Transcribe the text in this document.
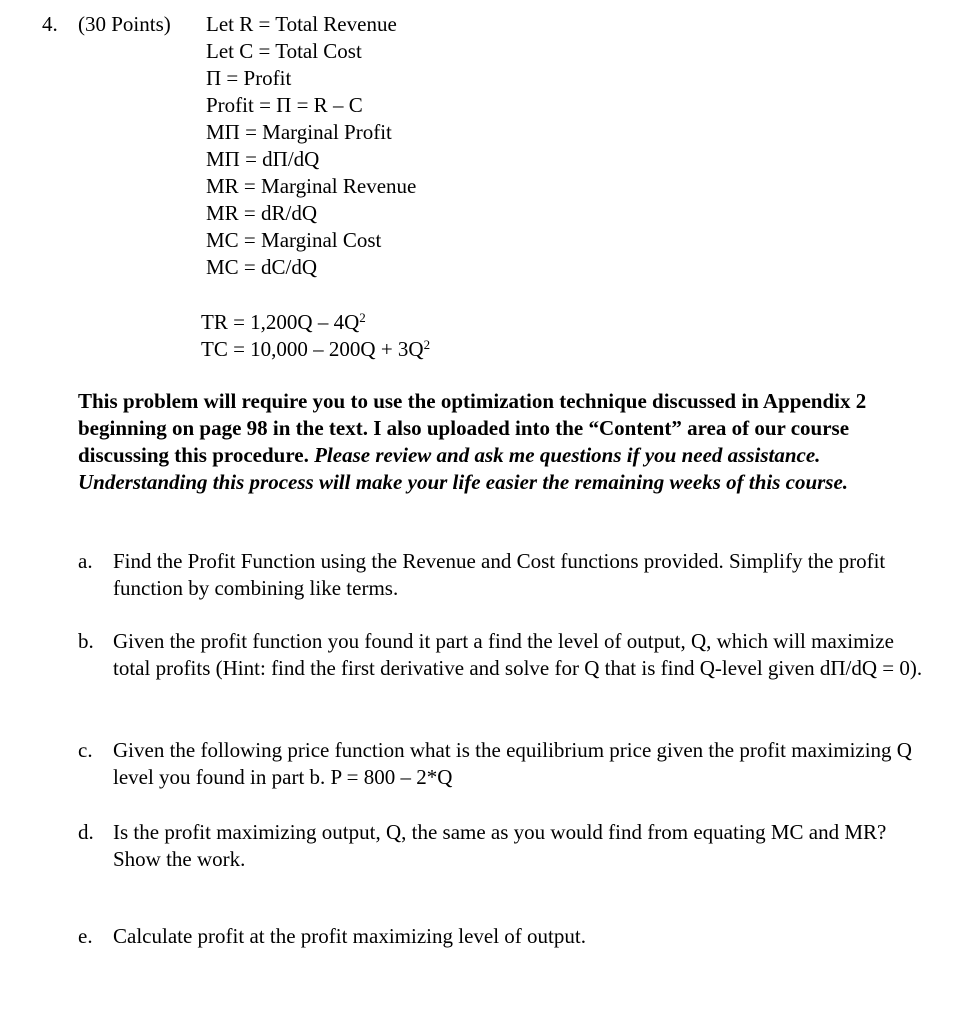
4. (30 Points) Let R = Total Revenue
Let C = Total Cost
Π = Profit
Profit = Π = R – C
MΠ = Marginal Profit
MΠ = dΠ/dQ
MR = Marginal Revenue
MR = dR/dQ
MC = Marginal Cost
MC = dC/dQ
TR = $1,200Q - 4Q^2$
TC = $10,000 - 200Q + 3Q^2$
This problem will require you to use the optimization technique discussed in Appendix 2 beginning on page 98 in the text. I also uploaded into the “Content” area of our course discussing this procedure. Please review and ask me questions if you need assistance. Understanding this process will make your life easier the remaining weeks of this course.
a. Find the Profit Function using the Revenue and Cost functions provided. Simplify the profit function by combining like terms.
b. Given the profit function you found it part a find the level of output, Q, which will maximize total profits (Hint: find the first derivative and solve for Q that is find Q-level given dΠ/dQ = 0).
c. Given the following price function what is the equilibrium price given the profit maximizing Q level you found in part b. P = 800 – 2*Q
d. Is the profit maximizing output, Q, the same as you would find from equating MC and MR? Show the work.
e. Calculate profit at the profit maximizing level of output.
